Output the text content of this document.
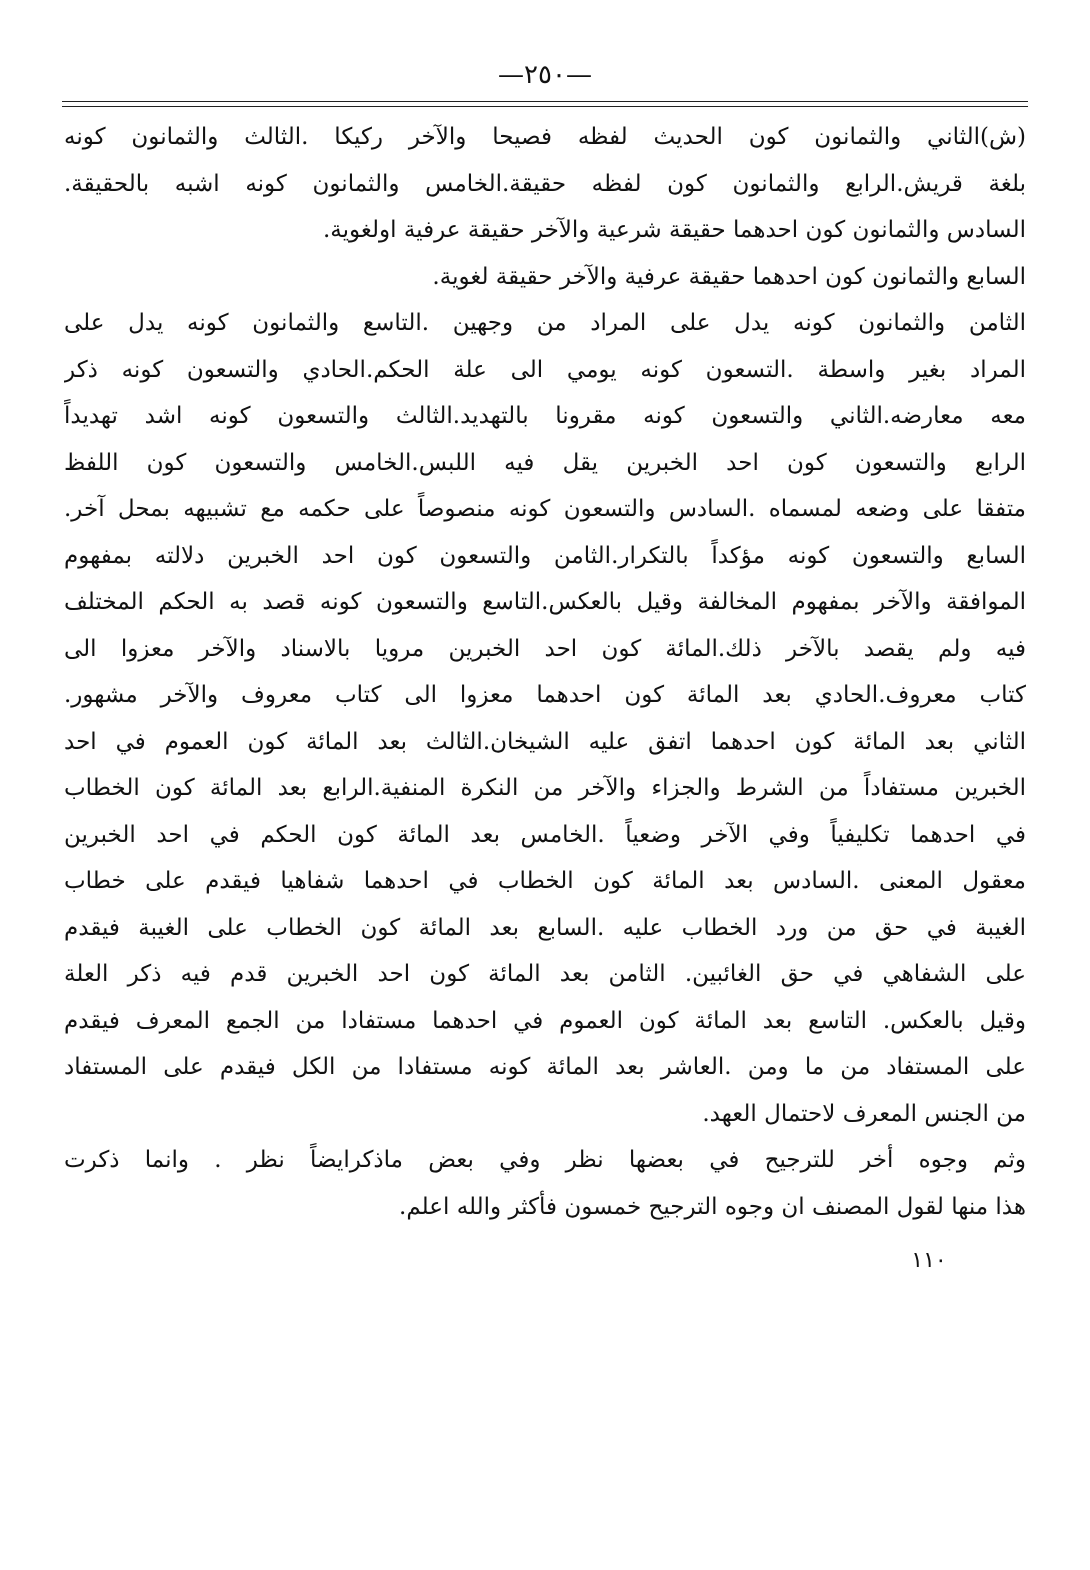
—٢٥٠—
(ش)الثاني والثمانون كون الحديث لفظه فصيحا والآخر ركيكا .الثالث والثمانون كونه
بلغة قريش.الرابع والثمانون كون لفظه حقيقة.الخامس والثمانون كونه اشبه بالحقيقة.
السادس والثمانون كون احدهما حقيقة شرعية والآخر حقيقة عرفية اولغوية.
السابع والثمانون كون احدهما حقيقة عرفية والآخر حقيقة لغوية.
الثامن والثمانون كونه يدل على المراد من وجهين .التاسع والثمانون كونه يدل على
المراد بغير واسطة .التسعون كونه يومي الى علة الحكم.الحادي والتسعون كونه ذكر
معه معارضه.الثاني والتسعون كونه مقرونا بالتهديد.الثالث والتسعون كونه اشد تهديداً
الرابع والتسعون كون احد الخبرين يقل فيه اللبس.الخامس والتسعون كون اللفظ
متفقا على وضعه لمسماه .السادس والتسعون كونه منصوصاً على حكمه مع تشبيهه بمحل آخر.
السابع والتسعون كونه مؤكداً بالتكرار.الثامن والتسعون كون احد الخبرين دلالته بمفهوم
الموافقة والآخر بمفهوم المخالفة وقيل بالعكس.التاسع والتسعون كونه قصد به الحكم المختلف
فيه ولم يقصد بالآخر ذلك.المائة كون احد الخبرين مرويا بالاسناد والآخر معزوا الى
كتاب معروف.الحادي بعد المائة كون احدهما معزوا الى كتاب معروف والآخر مشهور.
الثاني بعد المائة كون احدهما اتفق عليه الشيخان.الثالث بعد المائة كون العموم في احد
الخبرين مستفاداً من الشرط والجزاء والآخر من النكرة المنفية.الرابع بعد المائة كون الخطاب
في احدهما تكليفياً وفي الآخر وضعياً .الخامس بعد المائة كون الحكم في احد الخبرين
معقول المعنى .السادس بعد المائة كون الخطاب في احدهما شفاهيا فيقدم على خطاب
الغيبة في حق من ورد الخطاب عليه .السابع بعد المائة كون الخطاب على الغيبة فيقدم
على الشفاهي في حق الغائبين. الثامن بعد المائة كون احد الخبرين قدم فيه ذكر العلة
وقيل بالعكس. التاسع بعد المائة كون العموم في احدهما مستفادا من الجمع المعرف فيقدم
على المستفاد من ما ومن .العاشر بعد المائة كونه مستفادا من الكل فيقدم على المستفاد
من الجنس المعرف لاحتمال العهد.
وثم وجوه أخر للترجيح في بعضها نظر وفي بعض ماذكرايضاً نظر . وانما ذكرت
هذا منها لقول المصنف ان وجوه الترجيح خمسون فأكثر والله اعلم.
١١٠
